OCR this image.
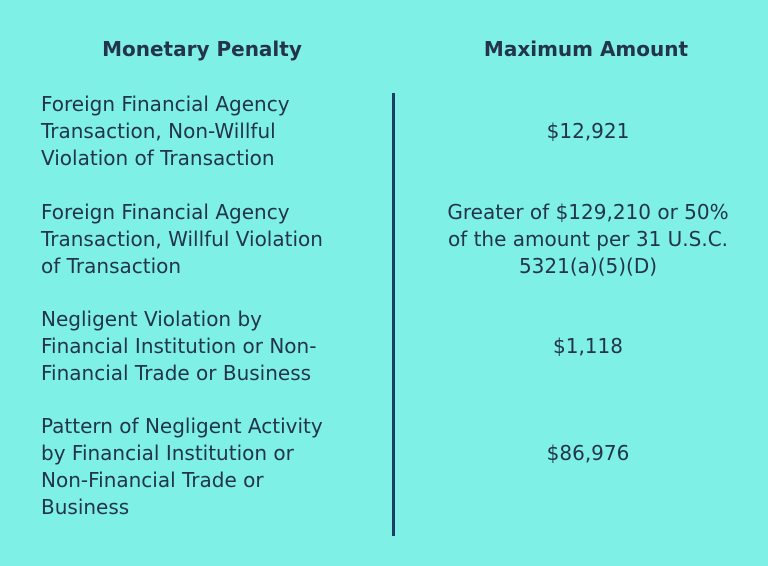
Monetary Penalty	Maximum Amount
Foreign Financial Agency
Transaction, Non-Willful
Violation of Transaction
$12,921
Foreign Financial Agency
Transaction, Willful Violation
of Transaction
Greater of $129,210 or 50%
of the amount per 31 U.S.C.
5321(a)(5)(D)
Negligent Violation by
Financial Institution or Non-
Financial Trade or Business
$1,118
Pattern of Negligent Activity
by Financial Institution or
Non-Financial Trade or
Business
$86,976
